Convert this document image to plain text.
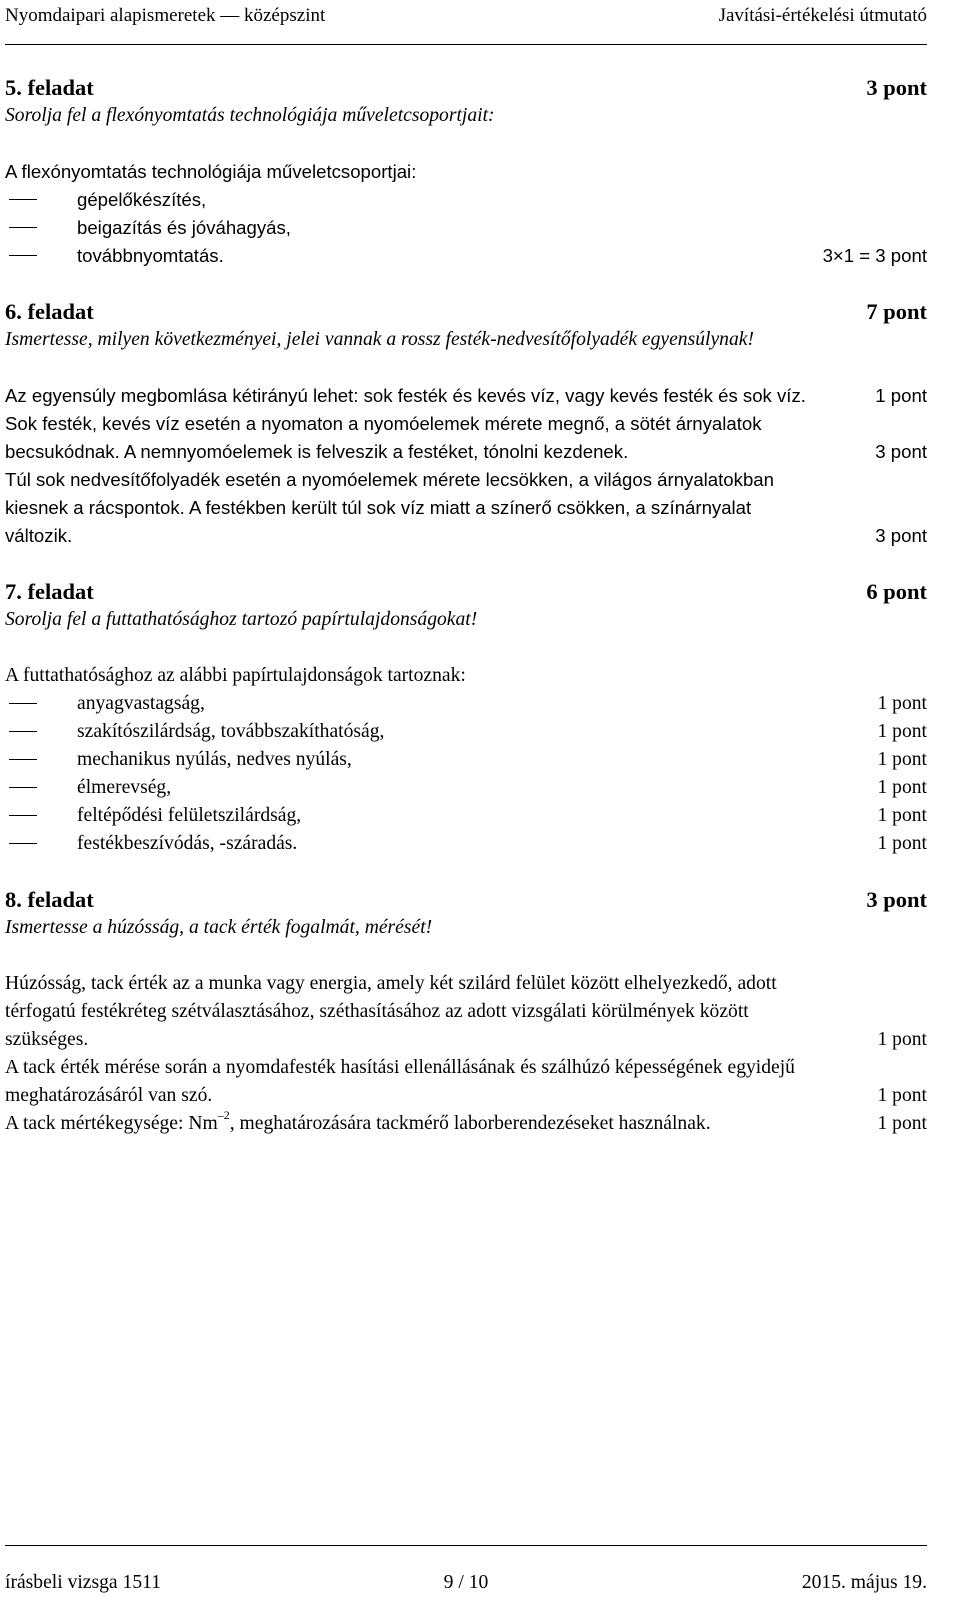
Nyomdaipari alapismeretek — középszint	Javítási-értékelési útmutató
5. feladat	3 pont
Sorolja fel a flexónyomtatás technológiája műveletcsoportjait:
A flexónyomtatás technológiája műveletcsoportjai:
gépelőkészítés,
beigazítás és jóváhagyás,
továbbnyomtatás.	3×1 = 3 pont
6. feladat	7 pont
Ismertesse, milyen következményei, jelei vannak a rossz festék-nedvesítőfolyadék egyensúlynak!
Az egyensúly megbomlása kétirányú lehet: sok festék és kevés víz, vagy kevés festék és sok víz.	1 pont
Sok festék, kevés víz esetén a nyomaton a nyomóelemek mérete megnő, a sötét árnyalatok becsukódnak. A nemnyomóelemek is felveszik a festéket, tónolni kezdenek.	3 pont
Túl sok nedvesítőfolyadék esetén a nyomóelemek mérete lecsökken, a világos árnyalatokban kiesnek a rácspontok. A festékben került túl sok víz miatt a színerő csökken, a színárnyalat változik.	3 pont
7. feladat	6 pont
Sorolja fel a futtathatósághoz tartozó papírtulajdonságokat!
A futtathatósághoz az alábbi papírtulajdonságok tartoznak:
anyagvastagság,	1 pont
szakítószilárdság, továbbszakíthatóság,	1 pont
mechanikus nyúlás, nedves nyúlás,	1 pont
élmerevség,	1 pont
feltépődési felületszilárdság,	1 pont
festékbeszívódás, -száradás.	1 pont
8. feladat	3 pont
Ismertesse a húzósság, a tack érték fogalmát, mérését!
Húzósság, tack érték az a munka vagy energia, amely két szilárd felület között elhelyezkedő, adott térfogatú festékréteg szétválasztásához, széthasításához az adott vizsgálati körülmények között szükséges.	1 pont
A tack érték mérése során a nyomdafesték hasítási ellenállásának és szálhúzó képességének egyidejű meghatározásáról van szó.	1 pont
A tack mértékegysége: $Nm^{-2}$, meghatározására tackmérő laborberendezéseket használnak.	1 pont
írásbeli vizsga 1511	9 / 10	2015. május 19.
